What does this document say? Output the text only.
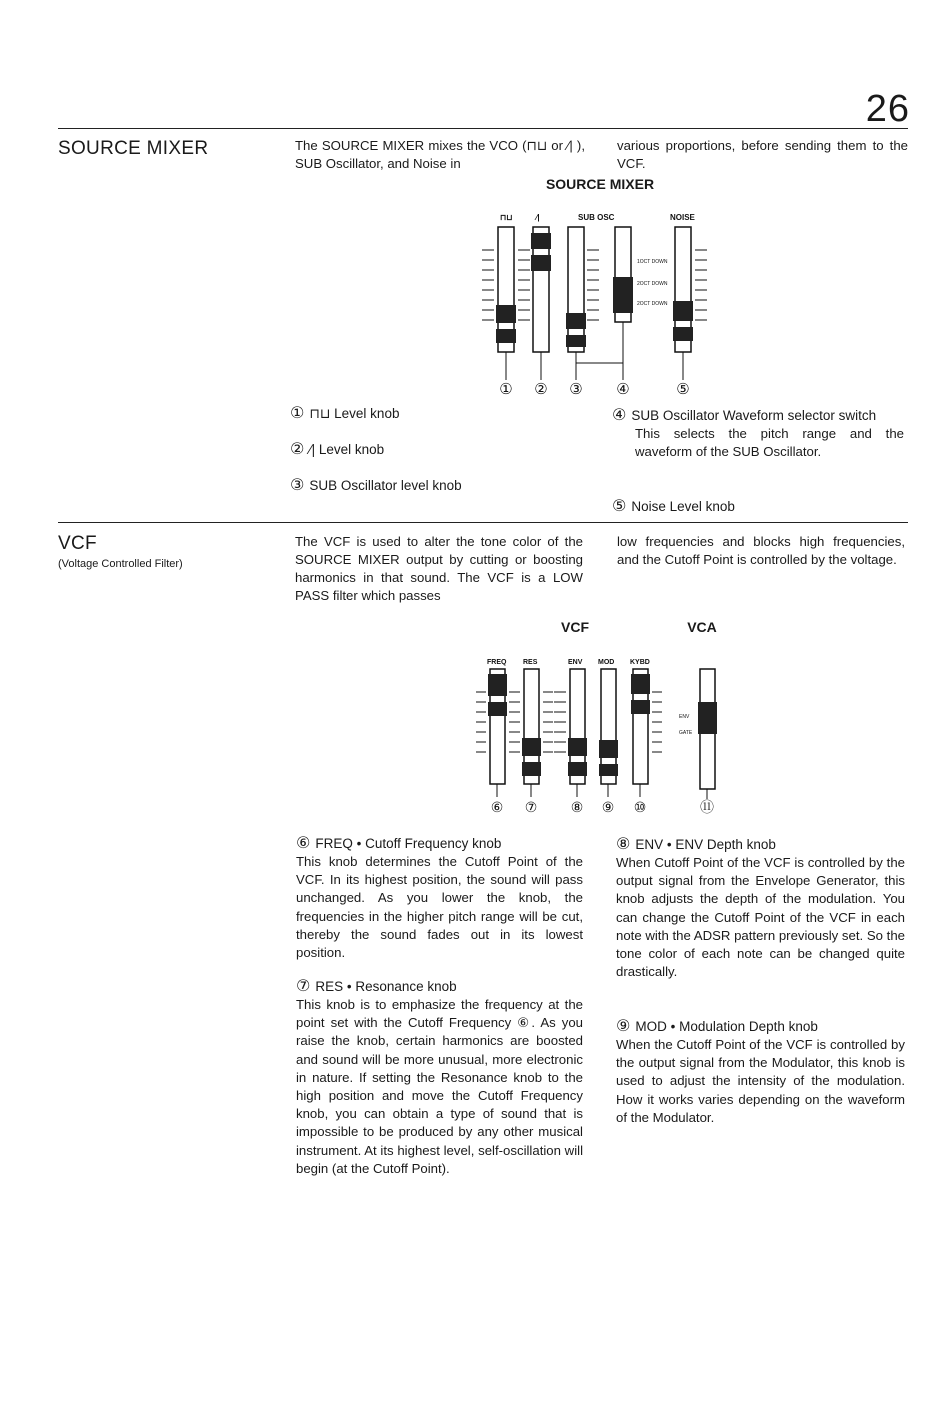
26
SOURCE MIXER	The SOURCE MIXER mixes the VCO (⊓⊔ or ⁄| ), SUB Oscillator, and Noise in

various proportions, before sending them to the VCF.

SOURCE MIXER
⊓⊔	⁄|	SUB OSC	NOISE
1OCT DOWN
2OCT DOWN
2OCT DOWN
① ② ③ ④	⑤

① ⊓⊔ Level knob

② ⁄| Level knob

③ SUB Oscillator level knob

④ SUB Oscillator Waveform selector switch

This selects the pitch range and the waveform of the SUB Oscillator.

⑤ Noise Level knob

VCF
(Voltage Controlled Filter)

The VCF is used to alter the tone color of the SOURCE MIXER output by cutting or boosting harmonics in that sound. The VCF is a LOW PASS filter which passes

low frequencies and blocks high frequencies, and the Cutoff Point is controlled by the voltage.

VCF	VCA
FREQ RES	ENV MOD KYBD
ENV
GATE
⑥ ⑦ ⑧ ⑨ ⑩	⑪

⑥ FREQ • Cutoff Frequency knob

This knob determines the Cutoff Point of the VCF. In its highest position, the sound will pass unchanged. As you lower the knob, the frequencies in the higher pitch range will be cut, thereby the sound fades out in its lowest position.

⑦ RES • Resonance knob

This knob is to emphasize the frequency at the point set with the Cutoff Frequency ⑥. As you raise the knob, certain harmonics are boosted and sound will be more unusual, more electronic in nature. If setting the Resonance knob to the high position and move the Cutoff Frequency knob, you can obtain a type of sound that is impossible to be produced by any other musical instrument. At its highest level, self-oscillation will begin (at the Cutoff Point).

⑧ ENV • ENV Depth knob

When Cutoff Point of the VCF is controlled by the output signal from the Envelope Generator, this knob adjusts the depth of the modulation. You can change the Cutoff Point of the VCF in each note with the ADSR pattern previously set. So the tone color of each note can be changed quite drastically.

⑨ MOD • Modulation Depth knob

When the Cutoff Point of the VCF is controlled by the output signal from the Modulator, this knob is used to adjust the intensity of the modulation. How it works varies depending on the waveform of the Modulator.
